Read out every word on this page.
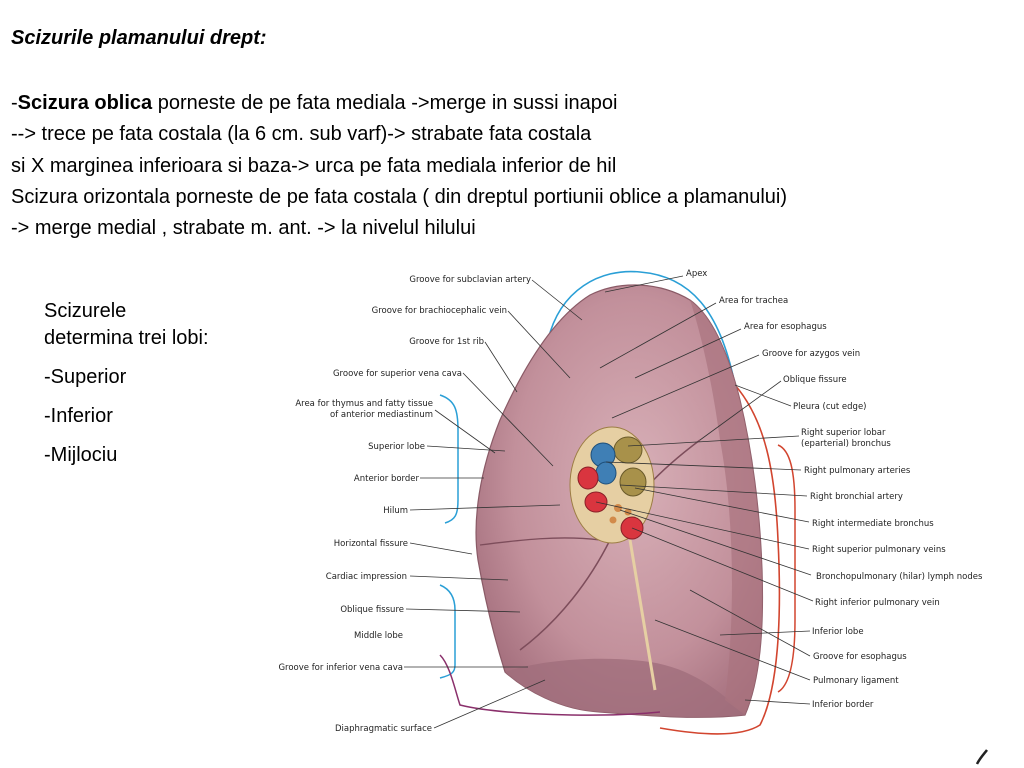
Scizurile plamanului drept:
-Scizura oblica porneste de pe fata mediala ->merge in sussi inapoi
--> trece pe fata costala (la 6 cm. sub varf)-> strabate fata costala
si X marginea inferioara si baza-> urca pe fata mediala inferior de hil
Scizura orizontala porneste de pe fata costala ( din dreptul portiunii oblice a plamanului)
-> merge medial , strabate m. ant. -> la nivelul hilului
Scizurele determina trei lobi:
-Superior
-Inferior
-Mijlociu
Groove for subclavian artery
Groove for brachiocephalic vein
Groove for 1st rib
Groove for superior vena cava
Area for thymus and fatty tissue
of anterior mediastinum
Superior lobe
Anterior border
Hilum
Horizontal fissure
Cardiac impression
Oblique fissure
Middle lobe
Groove for inferior vena cava
Diaphragmatic surface
Apex
Area for trachea
Area for esophagus
Groove for azygos vein
Oblique fissure
Pleura (cut edge)
Right superior lobar
(eparterial) bronchus
Right pulmonary arteries
Right bronchial artery
Right intermediate bronchus
Right superior pulmonary veins
Bronchopulmonary (hilar) lymph nodes
Right inferior pulmonary vein
Inferior lobe
Groove for esophagus
Pulmonary ligament
Inferior border
